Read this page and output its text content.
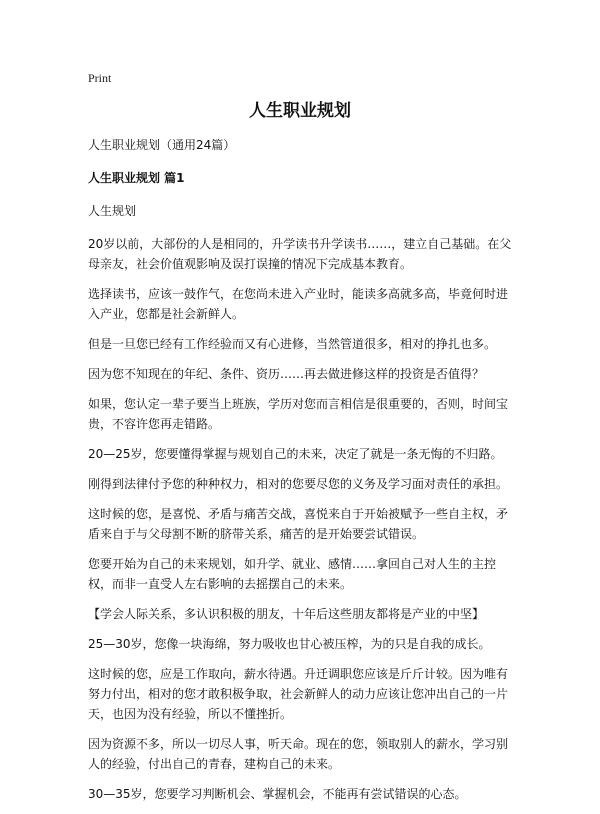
Print
人生职业规划

人生职业规划（通用24篇）

人生职业规划 篇1

人生规划

20岁以前，大部份的人是相同的，升学读书升学读书……，建立自己基础。在父母亲友，社会价值观影响及误打误撞的情况下完成基本教育。

选择读书，应该一鼓作气，在您尚未进入产业时，能读多高就多高，毕竟何时进入产业，您都是社会新鲜人。

但是一旦您已经有工作经验而又有心进修，当然管道很多，相对的挣扎也多。

因为您不知现在的年纪、条件、资历……再去做进修这样的投资是否值得？

如果，您认定一辈子要当上班族，学历对您而言相信是很重要的，否则，时间宝贵，不容许您再走错路。

20—25岁，您要懂得掌握与规划自己的未来，决定了就是一条无悔的不归路。

刚得到法律付予您的种种权力，相对的您要尽您的义务及学习面对责任的承担。

这时候的您，是喜悦、矛盾与痛苦交战，喜悦来自于开始被赋予一些自主权，矛盾来自于与父母割不断的脐带关系，痛苦的是开始要尝试错误。

您要开始为自己的未来规划，如升学、就业、感情……拿回自己对人生的主控权，而非一直受人左右影响的去摇摆自己的未来。

【学会人际关系，多认识积极的朋友，十年后这些朋友都将是产业的中坚】

25—30岁，您像一块海绵，努力吸收也甘心被压榨，为的只是自我的成长。

这时候的您，应是工作取向，薪水待遇。升迁调职您应该是斤斤计较。因为唯有努力付出，相对的您才敢积极争取，社会新鲜人的动力应该让您冲出自己的一片天，也因为没有经验，所以不懂挫折。

因为资源不多，所以一切尽人事，听天命。现在的您，领取别人的薪水，学习别人的经验，付出自己的青春，建构自己的未来。

30—35岁，您要学习判断机会、掌握机会，不能再有尝试错误的心态。
